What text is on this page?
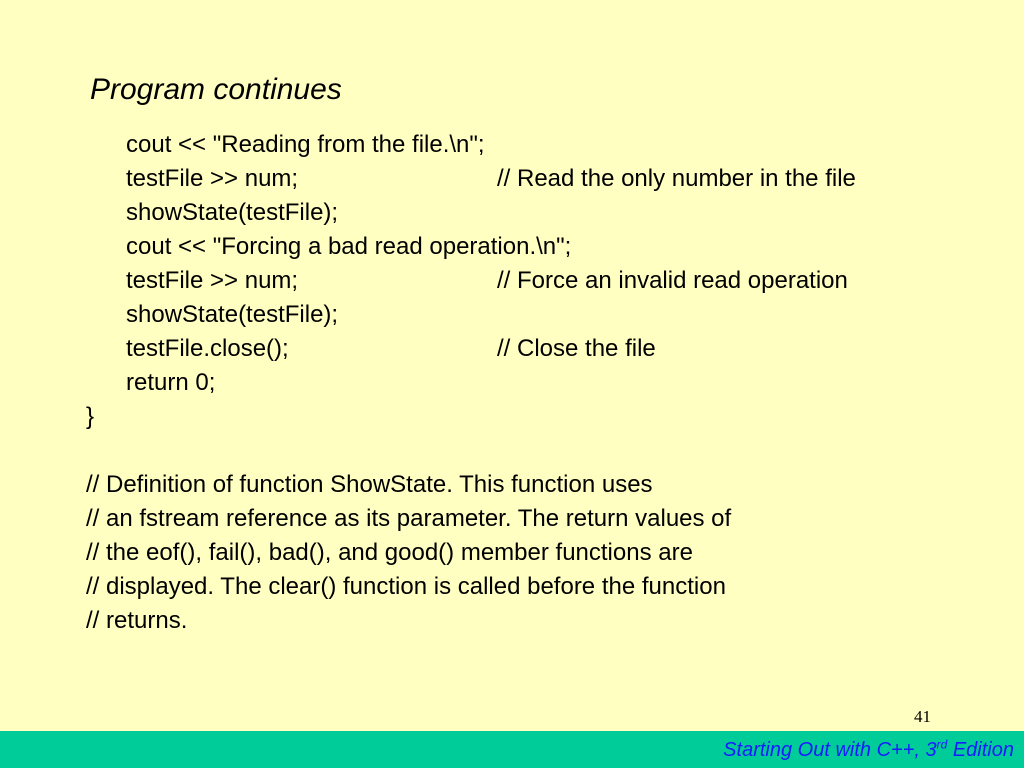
Program continues
cout << "Reading from the file.\n";
testFile >> num;	// Read the only number in the file
showState(testFile);
cout << "Forcing a bad read operation.\n";
testFile >> num;	// Force an invalid read operation
showState(testFile);
testFile.close();	// Close the file
return 0;
}
// Definition of function ShowState. This function uses
// an fstream reference as its parameter. The return values of
// the eof(), fail(), bad(), and good() member functions are
// displayed. The clear() function is called before the function
// returns.
41
Starting Out with C++, 3rd Edition
